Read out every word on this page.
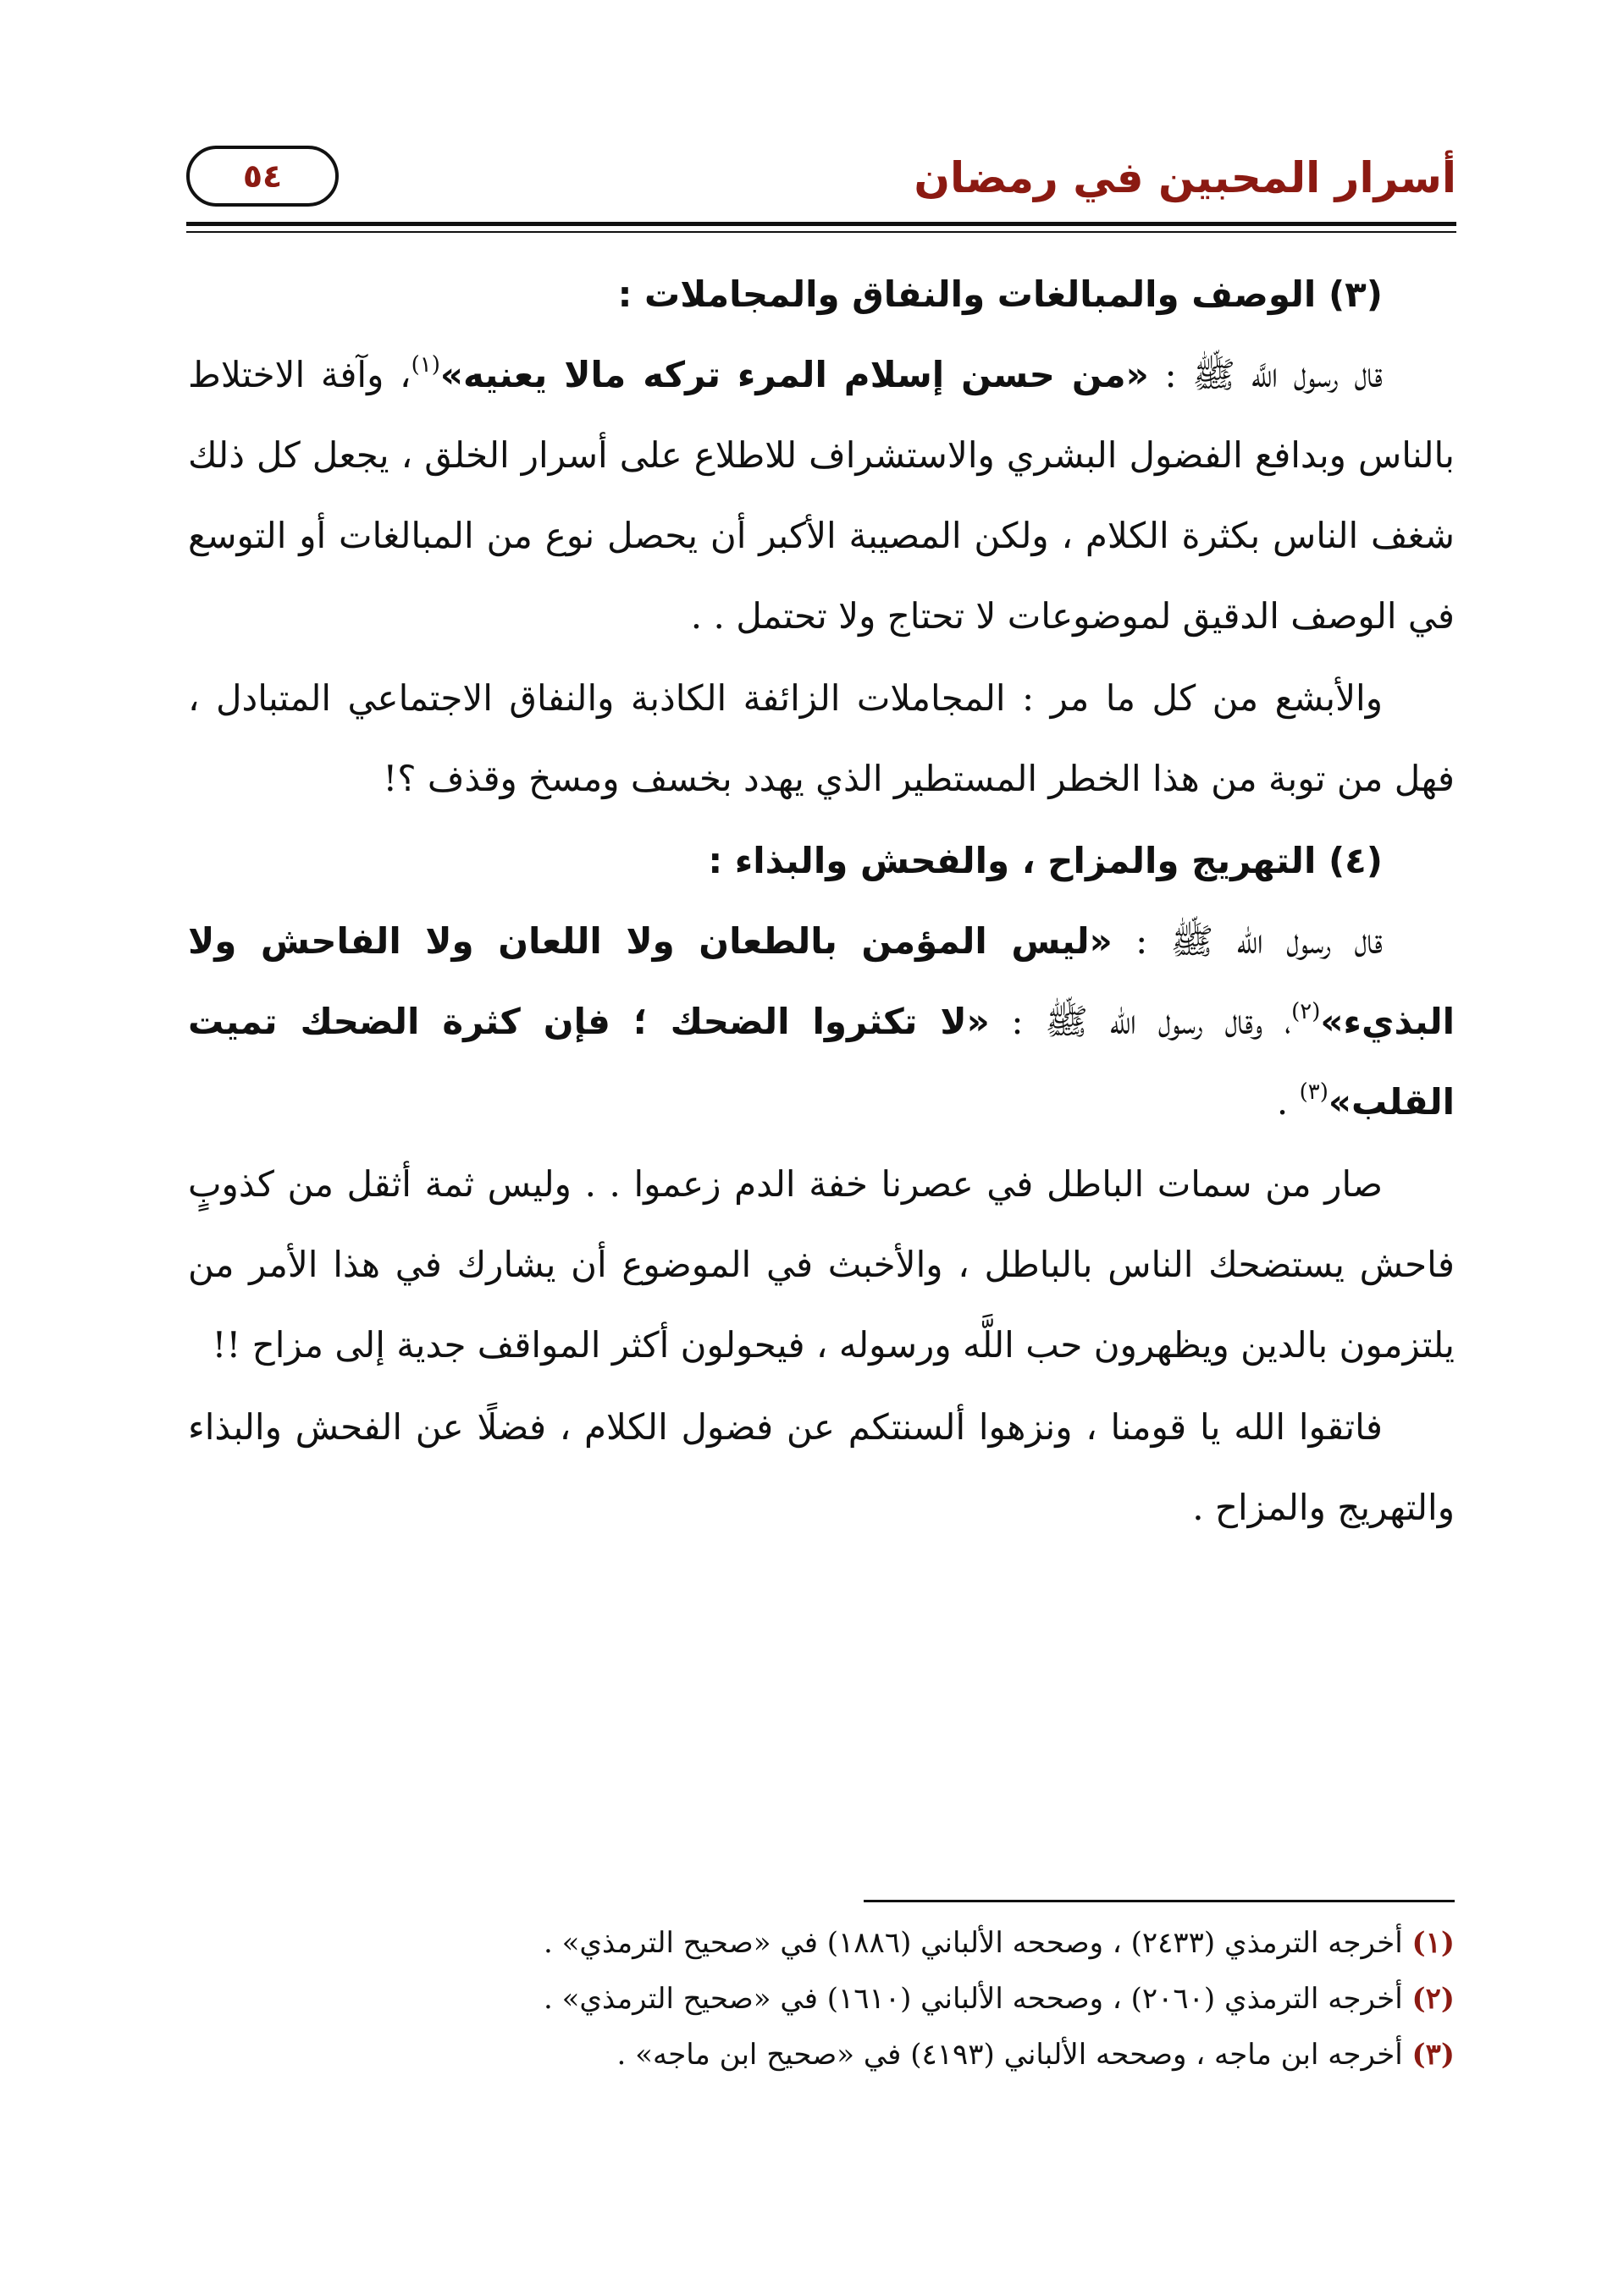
أسرار المحبين في رمضان
٥٤
(٣) الوصف والمبالغات والنفاق والمجاملات :

قال رسول اللَّه ﷺ : «من حسن إسلام المرء تركه مالا يعنيه»$^{(١)}$، وآفة الاختلاط بالناس وبدافع الفضول البشري والاستشراف للاطلاع على أسرار الخلق ، يجعل كل ذلك شغف الناس بكثرة الكلام ، ولكن المصيبة الأكبر أن يحصل نوع من المبالغات أو التوسع في الوصف الدقيق لموضوعات لا تحتاج ولا تحتمل . .

والأبشع من كل ما مر : المجاملات الزائفة الكاذبة والنفاق الاجتماعي المتبادل ، فهل من توبة من هذا الخطر المستطير الذي يهدد بخسف ومسخ وقذف ؟!

(٤) التهريج والمزاح ، والفحش والبذاء :

قال رسول الله ﷺ : «ليس المؤمن بالطعان ولا اللعان ولا الفاحش ولا البذيء»$^{(٢)}$، وقال رسول الله ﷺ : «لا تكثروا الضحك ؛ فإن كثرة الضحك تميت القلب»$^{(٣)}$ .

صار من سمات الباطل في عصرنا خفة الدم زعموا . . وليس ثمة أثقل من كذوبٍ فاحش يستضحك الناس بالباطل ، والأخبث في الموضوع أن يشارك في هذا الأمر من يلتزمون بالدين ويظهرون حب اللَّه ورسوله ، فيحولون أكثر المواقف جدية إلى مزاح !!

فاتقوا الله يا قومنا ، ونزهوا ألسنتكم عن فضول الكلام ، فضلًا عن الفحش والبذاء والتهريج والمزاح .

(١) أخرجه الترمذي (٢٤٣٣) ، وصححه الألباني (١٨٨٦) في «صحيح الترمذي» .
(٢) أخرجه الترمذي (٢٠٦٠) ، وصححه الألباني (١٦١٠) في «صحيح الترمذي» .
(٣) أخرجه ابن ماجه ، وصححه الألباني (٤١٩٣) في «صحيح ابن ماجه» .
